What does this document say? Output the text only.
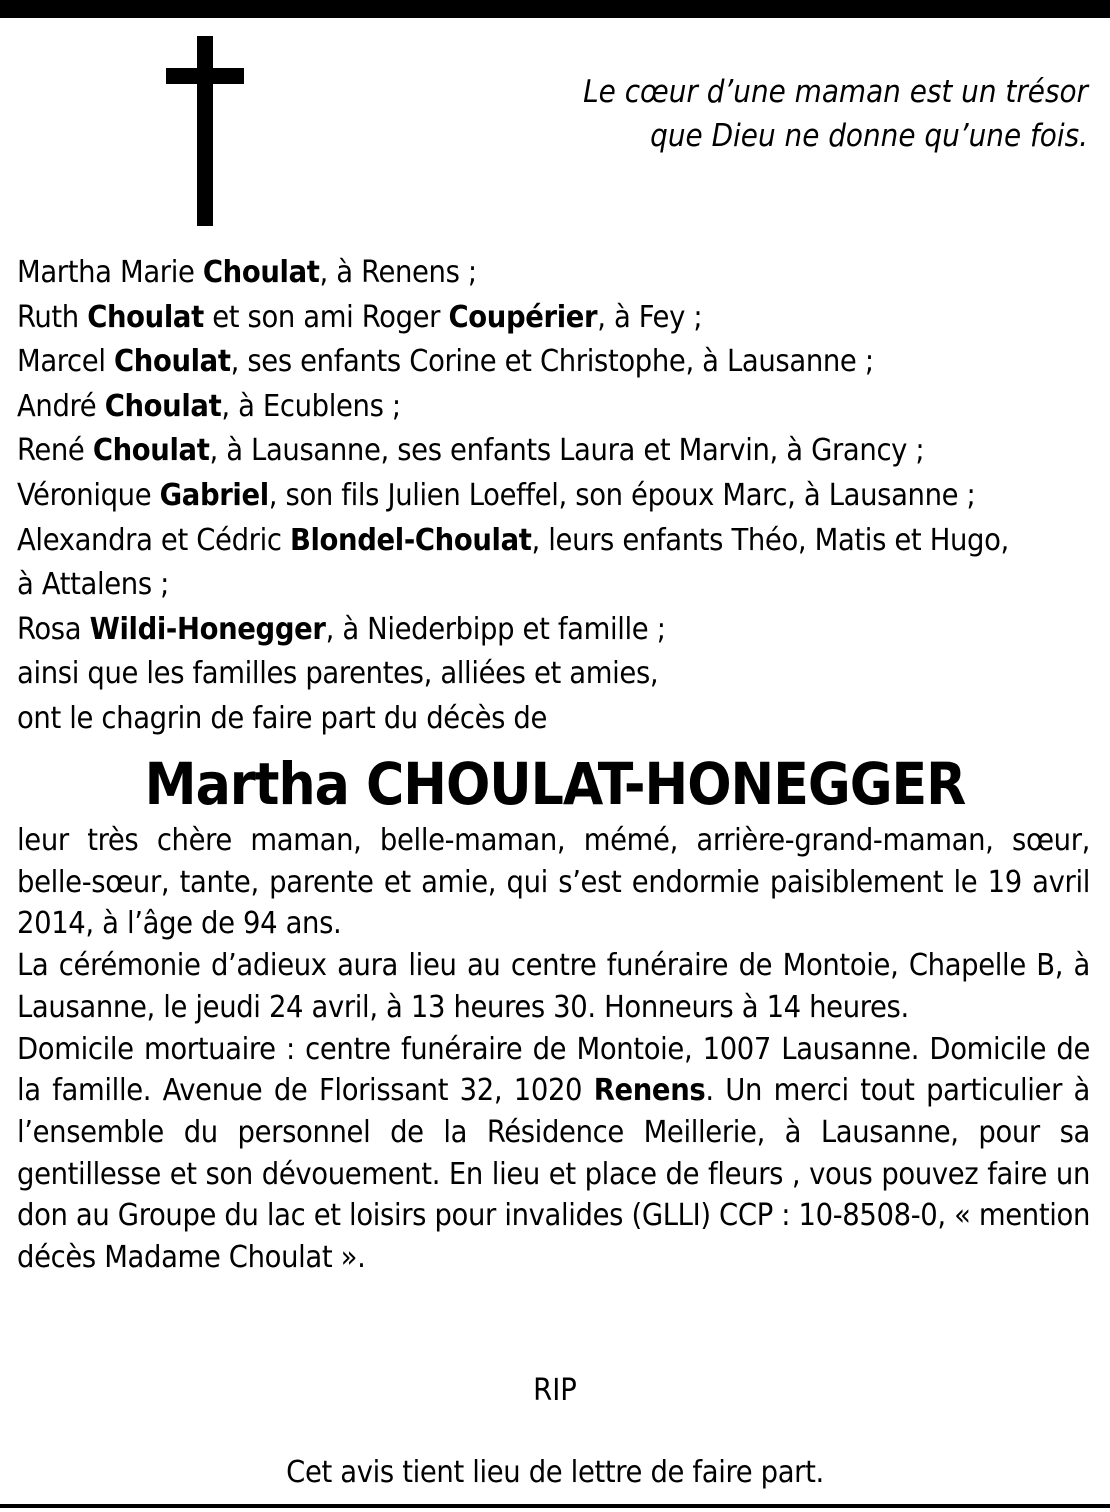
Le cœur d’une maman est un trésor
que Dieu ne donne qu’une fois.
Martha Marie Choulat, à Renens ;
Ruth Choulat et son ami Roger Coupérier, à Fey ;
Marcel Choulat, ses enfants Corine et Christophe, à Lausanne ;
André Choulat, à Ecublens ;
René Choulat, à Lausanne, ses enfants Laura et Marvin, à Grancy ;
Véronique Gabriel, son fils Julien Loeffel, son époux Marc, à Lausanne ;
Alexandra et Cédric Blondel-Choulat, leurs enfants Théo, Matis et Hugo,
à Attalens ;
Rosa Wildi-Honegger, à Niederbipp et famille ;
ainsi que les familles parentes, alliées et amies,
ont le chagrin de faire part du décès de
Martha CHOULAT-HONEGGER

leur très chère maman, belle-maman, mémé, arrière-grand-maman, sœur, belle-sœur, tante, parente et amie, qui s’est endormie paisiblement le 19 avril 2014, à l’âge de 94 ans.

La cérémonie d’adieux aura lieu au centre funéraire de Montoie, Chapelle B, à Lausanne, le jeudi 24 avril, à 13 heures 30. Honneurs à 14 heures.

Domicile mortuaire : centre funéraire de Montoie, 1007 Lausanne. Domicile de la famille. Avenue de Florissant 32, 1020 Renens. Un merci tout particulier à l’ensemble du personnel de la Résidence Meillerie, à Lausanne, pour sa gentillesse et son dévouement. En lieu et place de fleurs , vous pouvez faire un don au Groupe du lac et loisirs pour invalides (GLLI) CCP : 10-8508-0, « mention décès Madame Choulat ».

RIP
Cet avis tient lieu de lettre de faire part.
